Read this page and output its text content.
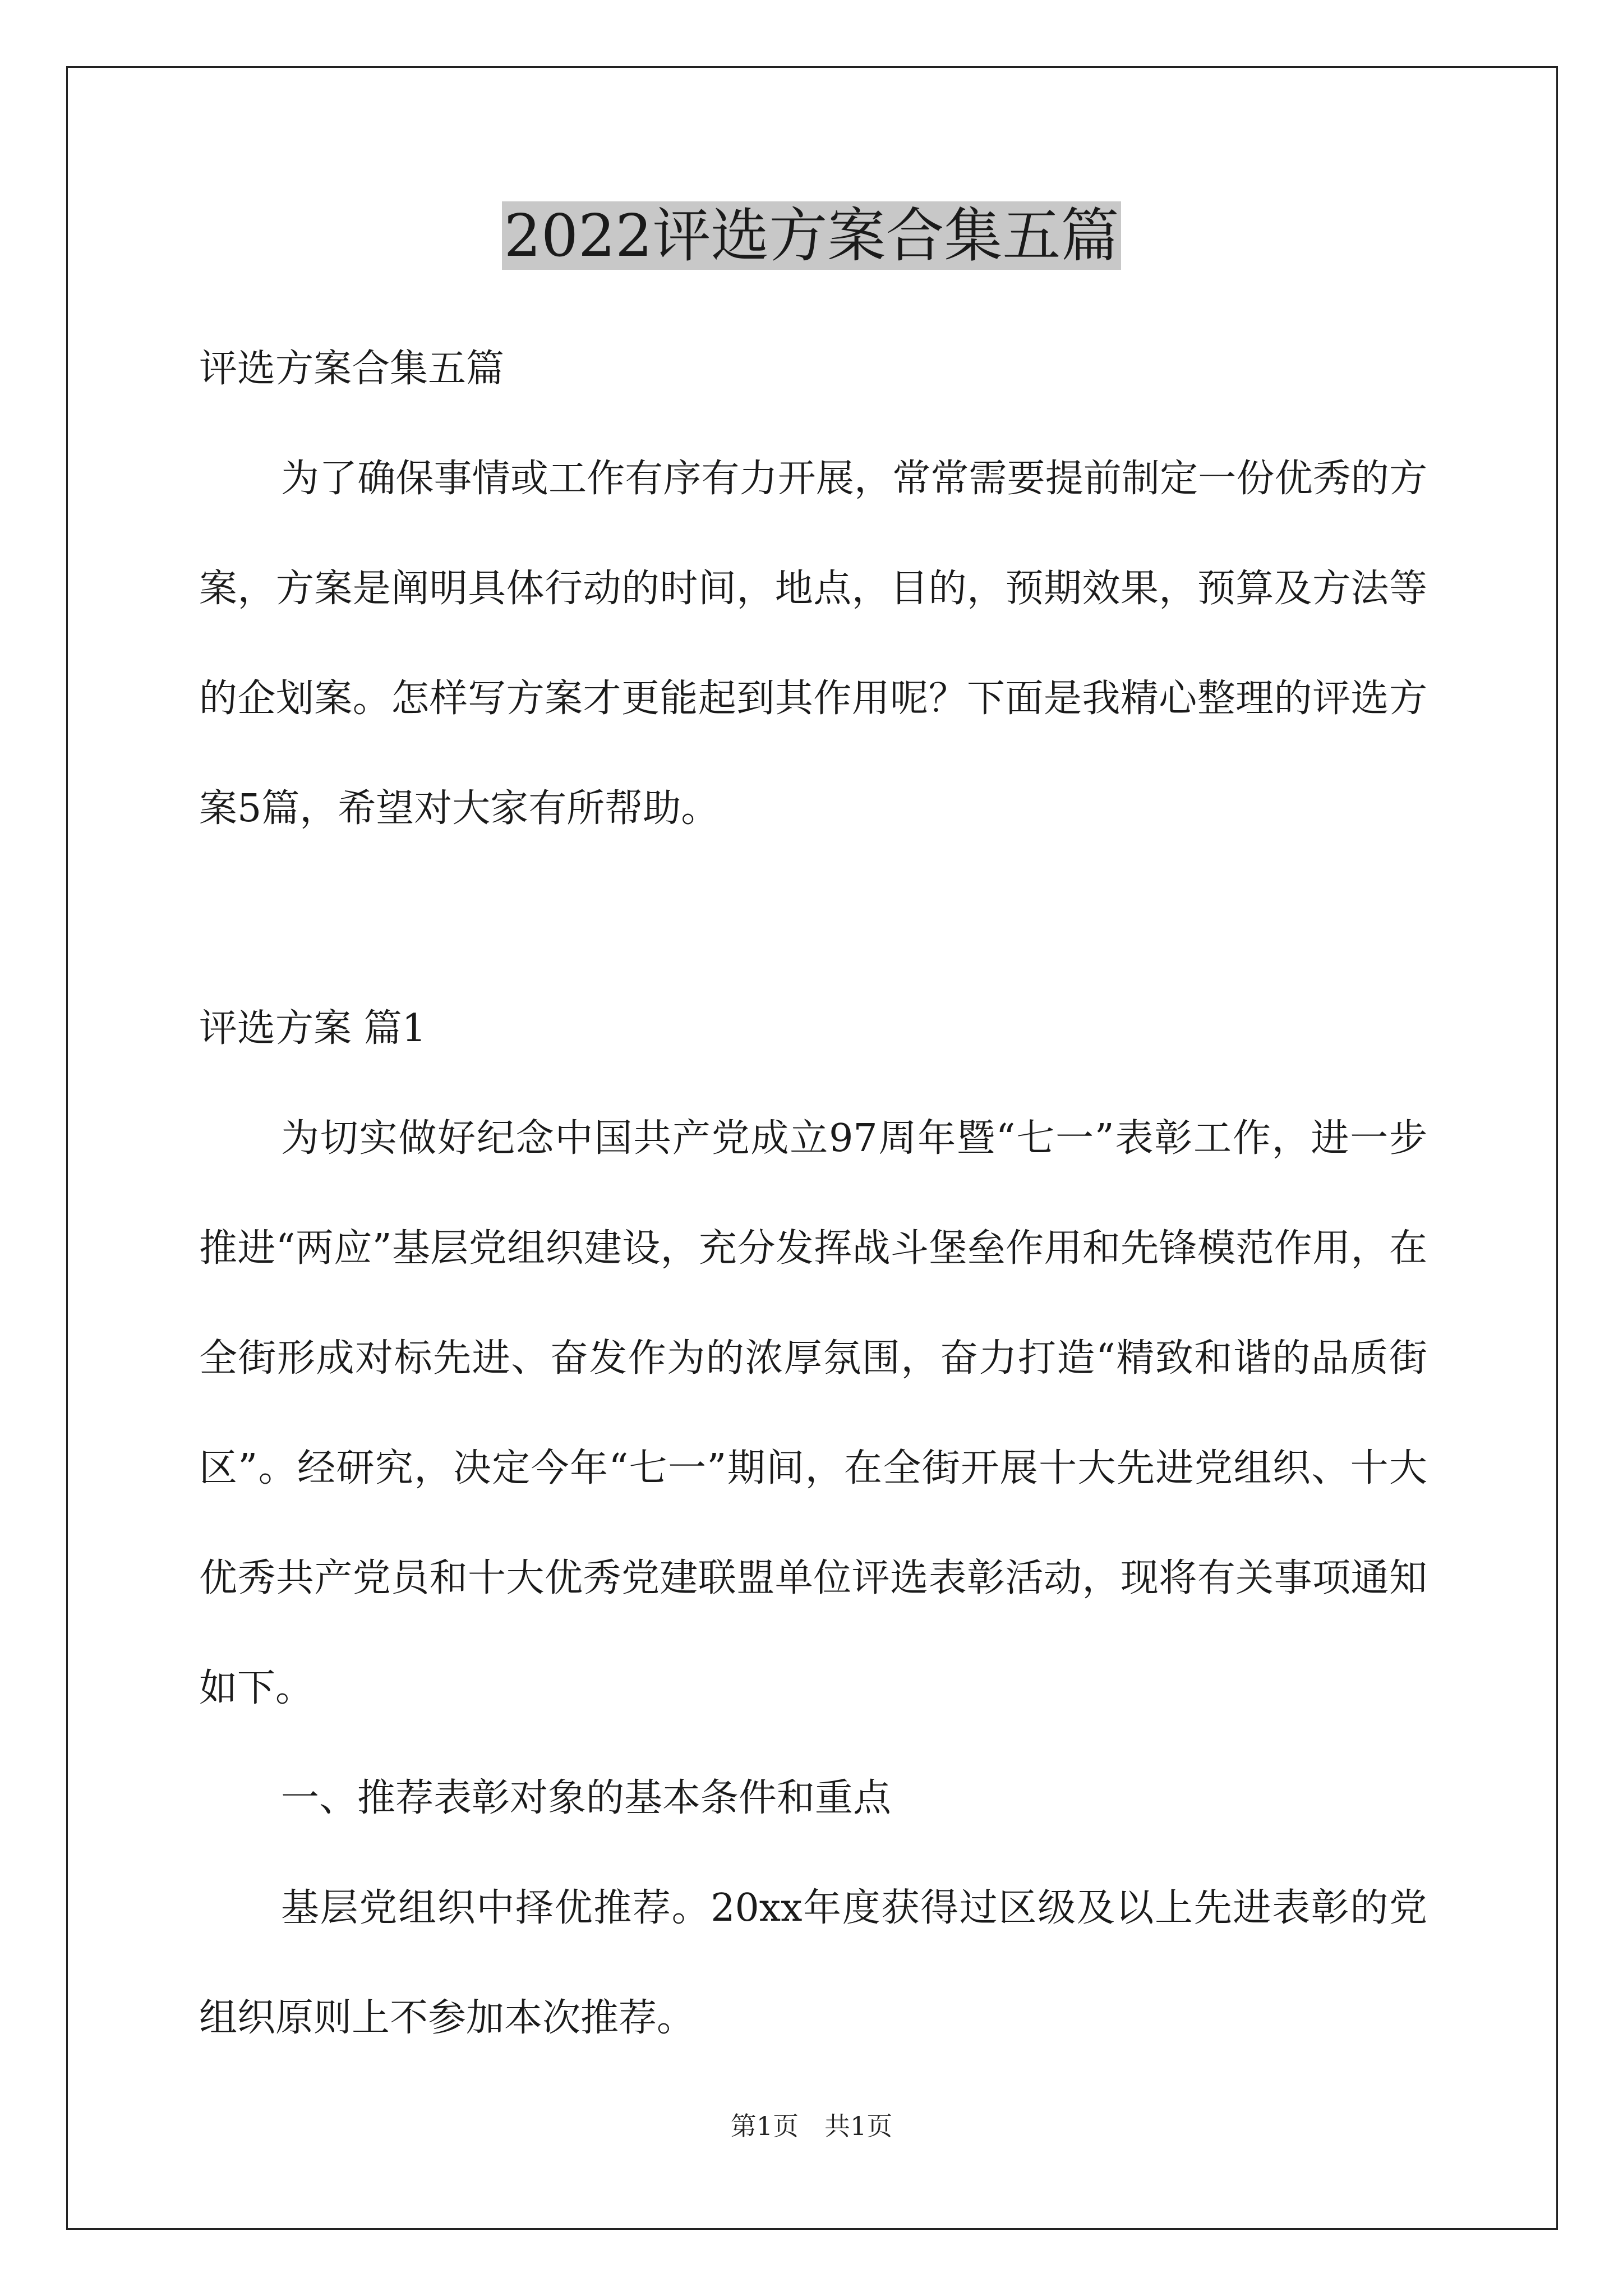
2022评选方案合集五篇

评选方案合集五篇

为了确保事情或工作有序有力开展，常常需要提前制定一份优秀的方案，方案是阐明具体行动的时间，地点，目的，预期效果，预算及方法等的企划案。怎样写方案才更能起到其作用呢？下面是我精心整理的评选方案5篇，希望对大家有所帮助。

评选方案 篇1

为切实做好纪念中国共产党成立97周年暨“七一”表彰工作，进一步推进“两应”基层党组织建设，充分发挥战斗堡垒作用和先锋模范作用，在全街形成对标先进、奋发作为的浓厚氛围，奋力打造“精致和谐的品质街区”。经研究，决定今年“七一”期间，在全街开展十大先进党组织、十大优秀共产党员和十大优秀党建联盟单位评选表彰活动，现将有关事项通知如下。

一、推荐表彰对象的基本条件和重点

基层党组织中择优推荐。20xx年度获得过区级及以上先进表彰的党组织原则上不参加本次推荐。

第1页 共1页
